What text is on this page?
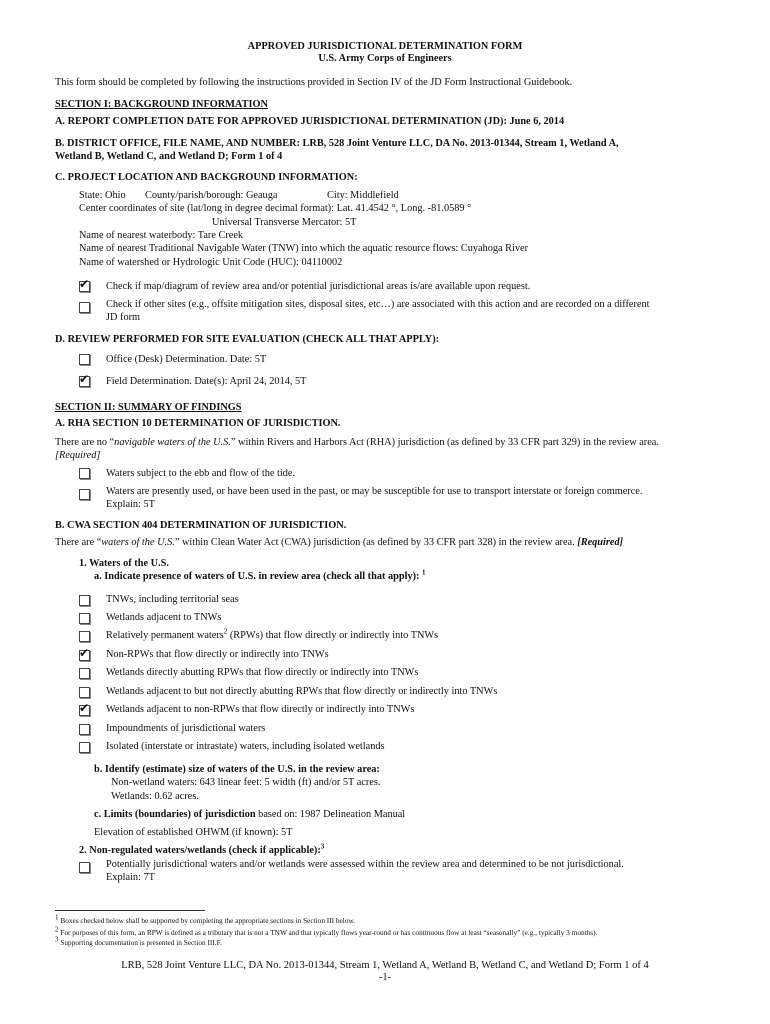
APPROVED JURISDICTIONAL DETERMINATION FORM
U.S. Army Corps of Engineers
This form should be completed by following the instructions provided in Section IV of the JD Form Instructional Guidebook.
SECTION I: BACKGROUND INFORMATION
A. REPORT COMPLETION DATE FOR APPROVED JURISDICTIONAL DETERMINATION (JD): June 6, 2014
B. DISTRICT OFFICE, FILE NAME, AND NUMBER: LRB, 528 Joint Venture LLC, DA No. 2013-01344, Stream 1, Wetland A,
Wetland B, Wetland C, and Wetland D; Form 1 of 4
C. PROJECT LOCATION AND BACKGROUND INFORMATION:
State: Ohio	County/parish/borough: Geauga	City: Middlefield
Center coordinates of site (lat/long in degree decimal format): Lat. 41.4542 °, Long. -81.0589 °
Universal Transverse Mercator: 5T
Name of nearest waterbody: Tare Creek
Name of nearest Traditional Navigable Water (TNW) into which the aquatic resource flows: Cuyahoga River
Name of watershed or Hydrologic Unit Code (HUC): 04110002
✔ Check if map/diagram of review area and/or potential jurisdictional areas is/are available upon request.
Check if other sites (e.g., offsite mitigation sites, disposal sites, etc…) are associated with this action and are recorded on a different
JD form
D. REVIEW PERFORMED FOR SITE EVALUATION (CHECK ALL THAT APPLY):
Office (Desk) Determination. Date: 5T
✔ Field Determination. Date(s): April 24, 2014, 5T
SECTION II: SUMMARY OF FINDINGS
A. RHA SECTION 10 DETERMINATION OF JURISDICTION.
There are no “navigable waters of the U.S.” within Rivers and Harbors Act (RHA) jurisdiction (as defined by 33 CFR part 329) in the review area.
[Required]
Waters subject to the ebb and flow of the tide.
Waters are presently used, or have been used in the past, or may be susceptible for use to transport interstate or foreign commerce.
Explain: 5T
B. CWA SECTION 404 DETERMINATION OF JURISDICTION.
There are “waters of the U.S.” within Clean Water Act (CWA) jurisdiction (as defined by 33 CFR part 328) in the review area. [Required]
1. Waters of the U.S.
a. Indicate presence of waters of U.S. in review area (check all that apply): $^1$
TNWs, including territorial seas
Wetlands adjacent to TNWs
Relatively permanent waters$^2$ (RPWs) that flow directly or indirectly into TNWs
✔ Non-RPWs that flow directly or indirectly into TNWs
Wetlands directly abutting RPWs that flow directly or indirectly into TNWs
Wetlands adjacent to but not directly abutting RPWs that flow directly or indirectly into TNWs
✔ Wetlands adjacent to non-RPWs that flow directly or indirectly into TNWs
Impoundments of jurisdictional waters
Isolated (interstate or intrastate) waters, including isolated wetlands
b. Identify (estimate) size of waters of the U.S. in the review area:
Non-wetland waters: 643 linear feet: 5 width (ft) and/or 5T acres.
Wetlands: 0.62 acres.
c. Limits (boundaries) of jurisdiction based on: 1987 Delineation Manual
Elevation of established OHWM (if known): 5T
2. Non-regulated waters/wetlands (check if applicable):$^3$
Potentially jurisdictional waters and/or wetlands were assessed within the review area and determined to be not jurisdictional.
Explain: 7T
$^1$ Boxes checked below shall be supported by completing the appropriate sections in Section III below.
$^2$ For purposes of this form, an RPW is defined as a tributary that is not a TNW and that typically flows year-round or has continuous flow at least “seasonally” (e.g., typically 3 months).
$^3$ Supporting documentation is presented in Section III.F.
LRB, 528 Joint Venture LLC, DA No. 2013-01344, Stream 1, Wetland A, Wetland B, Wetland C, and Wetland D; Form 1 of 4
-1-
